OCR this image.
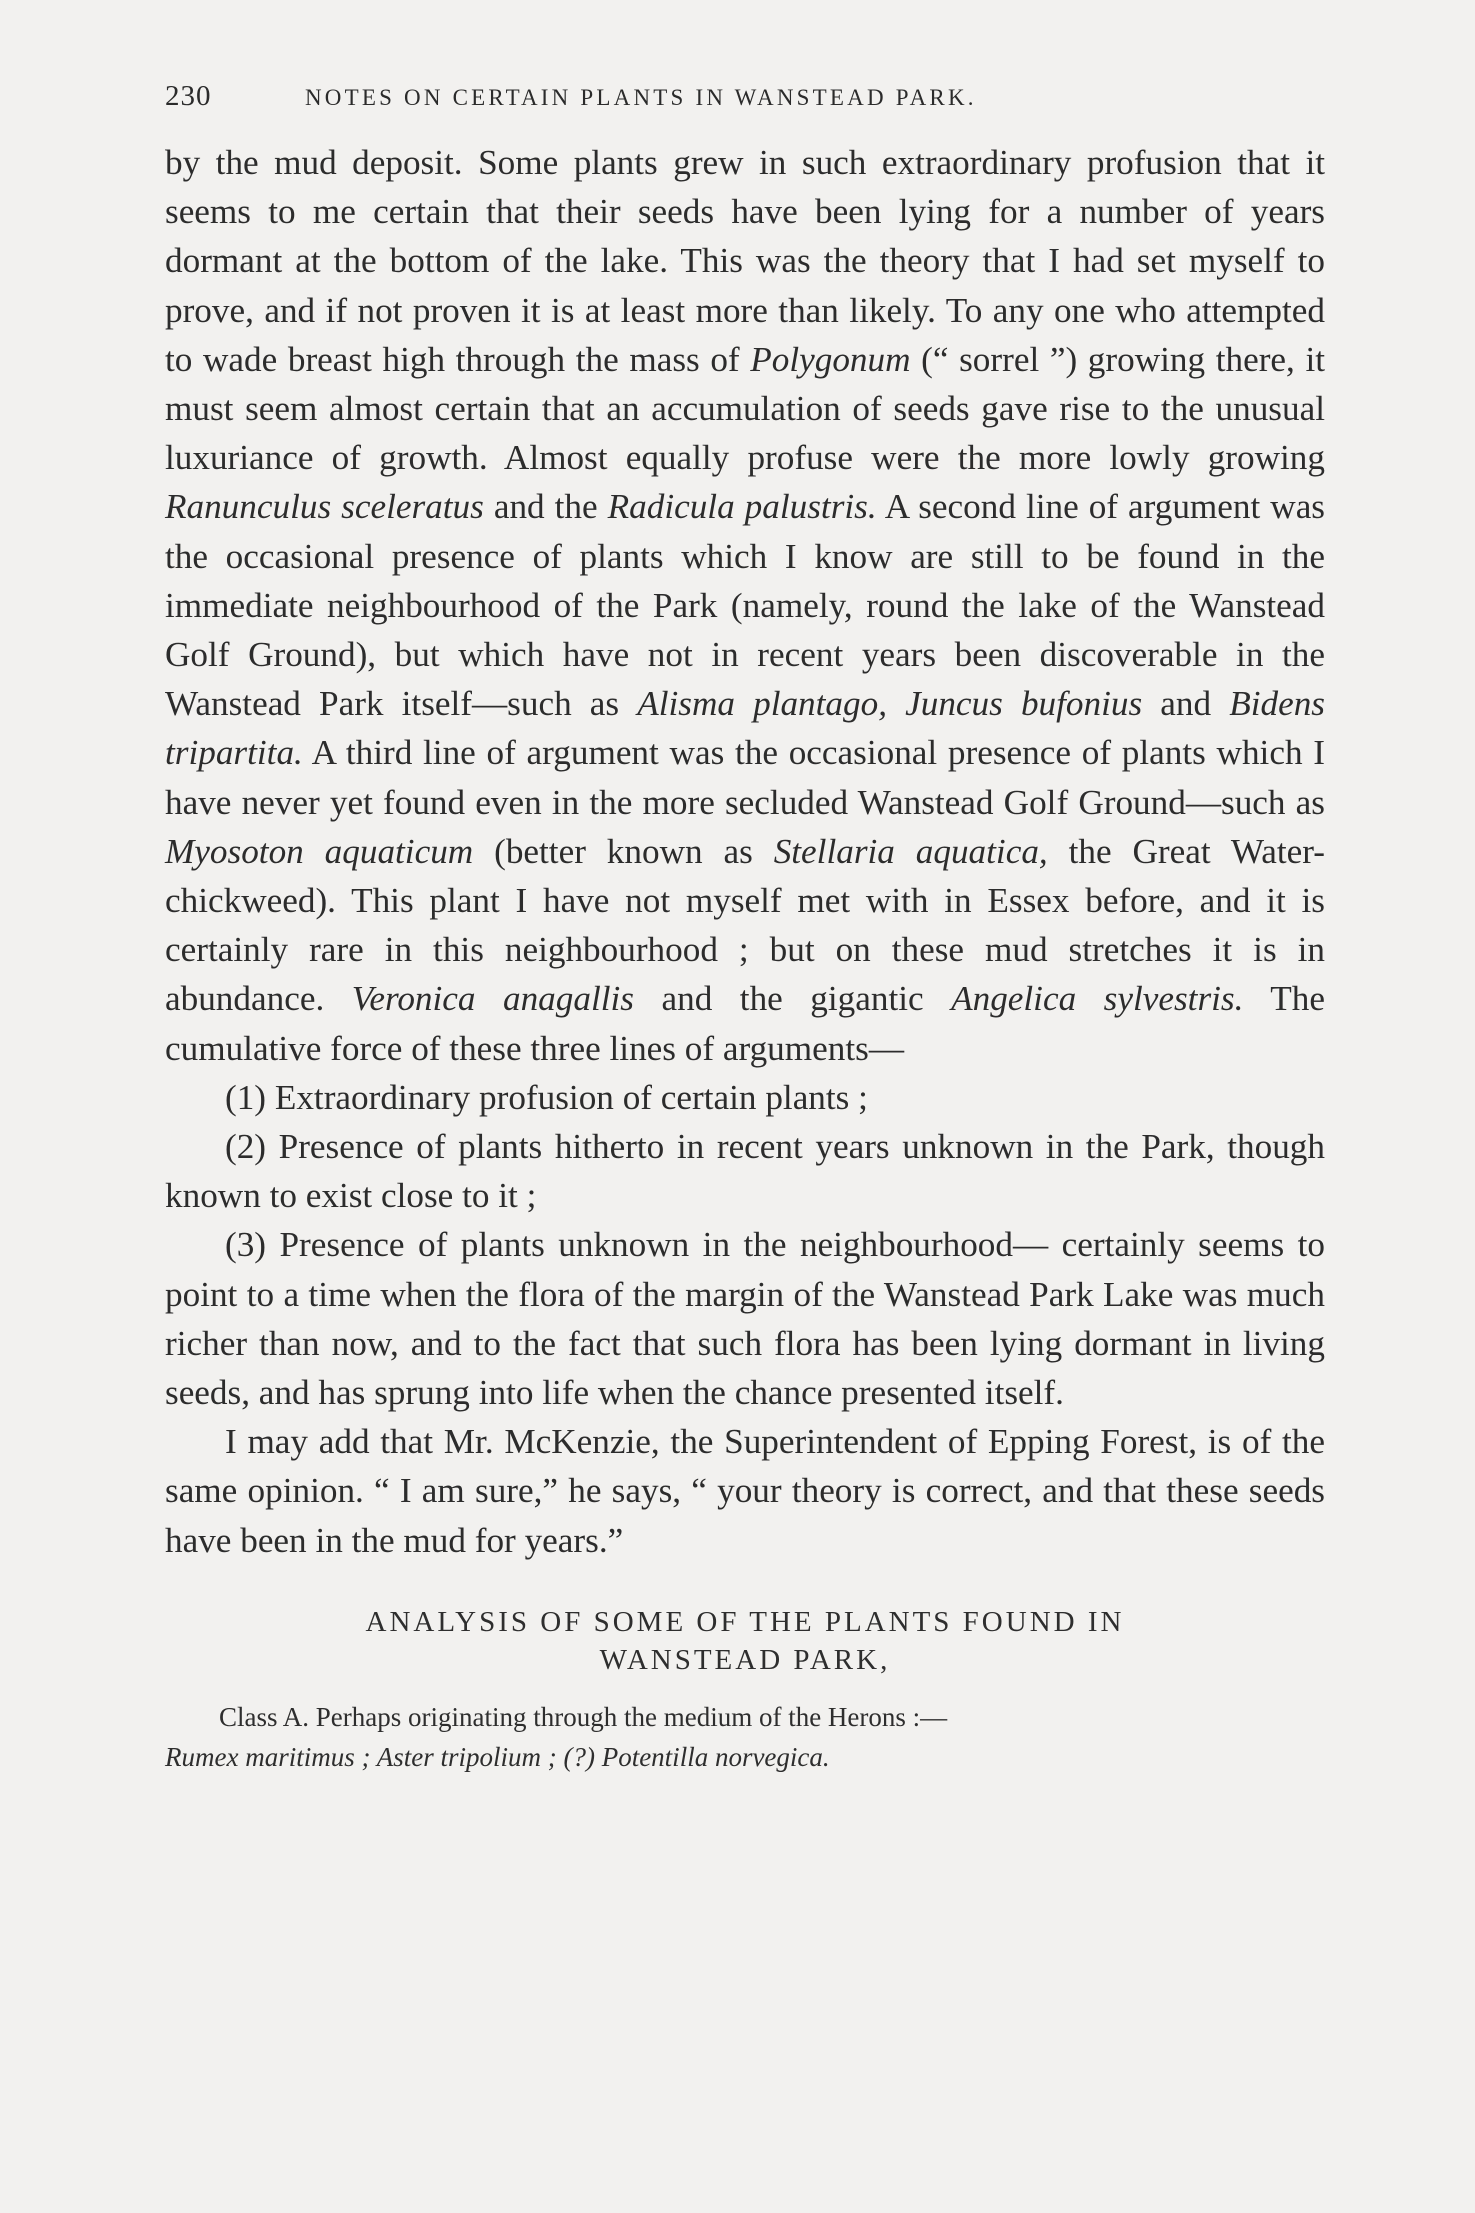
230	NOTES ON CERTAIN PLANTS IN WANSTEAD PARK.

by the mud deposit. Some plants grew in such extraordinary profusion that it seems to me certain that their seeds have been lying for a number of years dormant at the bottom of the lake. This was the theory that I had set myself to prove, and if not proven it is at least more than likely. To any one who attempted to wade breast high through the mass of Polygonum (“ sorrel ”) growing there, it must seem almost certain that an accumulation of seeds gave rise to the unusual luxuriance of growth. Almost equally profuse were the more lowly growing Ranunculus sceleratus and the Radicula palustris. A second line of argument was the occasional presence of plants which I know are still to be found in the immediate neighbourhood of the Park (namely, round the lake of the Wanstead Golf Ground), but which have not in recent years been discoverable in the Wanstead Park itself—such as Alisma plantago, Juncus bufonius and Bidens tripartita. A third line of argument was the occasional presence of plants which I have never yet found even in the more secluded Wanstead Golf Ground—such as Myosoton aquaticum (better known as Stellaria aquatica, the Great Water-chickweed). This plant I have not myself met with in Essex before, and it is certainly rare in this neighbourhood ; but on these mud stretches it is in abundance. Veronica anagallis and the gigantic Angelica sylvestris. The cumulative force of these three lines of arguments—

(1) Extraordinary profusion of certain plants ;

(2) Presence of plants hitherto in recent years unknown in the Park, though known to exist close to it ;

(3) Presence of plants unknown in the neighbourhood— certainly seems to point to a time when the flora of the margin of the Wanstead Park Lake was much richer than now, and to the fact that such flora has been lying dormant in living seeds, and has sprung into life when the chance presented itself.

I may add that Mr. McKenzie, the Superintendent of Epping Forest, is of the same opinion. “ I am sure,” he says, “ your theory is correct, and that these seeds have been in the mud for years.”

ANALYSIS OF SOME OF THE PLANTS FOUND IN
WANSTEAD PARK,
Class A. Perhaps originating through the medium of the Herons :—
Rumex maritimus ; Aster tripolium ; (?) Potentilla norvegica.
